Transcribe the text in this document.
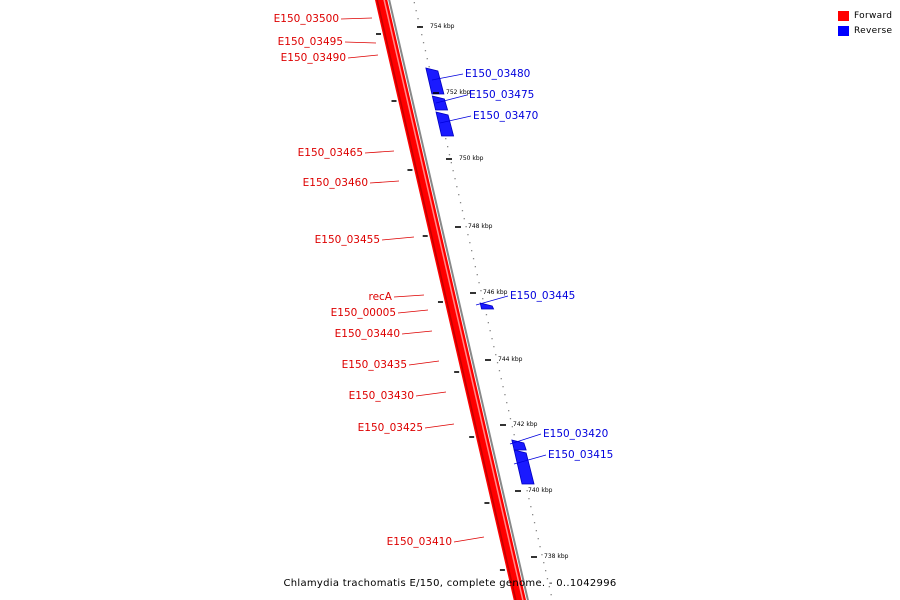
754 kbp
752 kbp
750 kbp
748 kbp
746 kbp
744 kbp
742 kbp
740 kbp
738 kbp
E150_03500
E150_03495
E150_03490
E150_03465
E150_03460
E150_03455
recA
E150_00005
E150_03440
E150_03435
E150_03430
E150_03425
E150_03410
E150_03480
E150_03475
E150_03470
E150_03445
E150_03420
E150_03415
Forward
Reverse
Chlamydia trachomatis E/150, complete genome. - 0..1042996
